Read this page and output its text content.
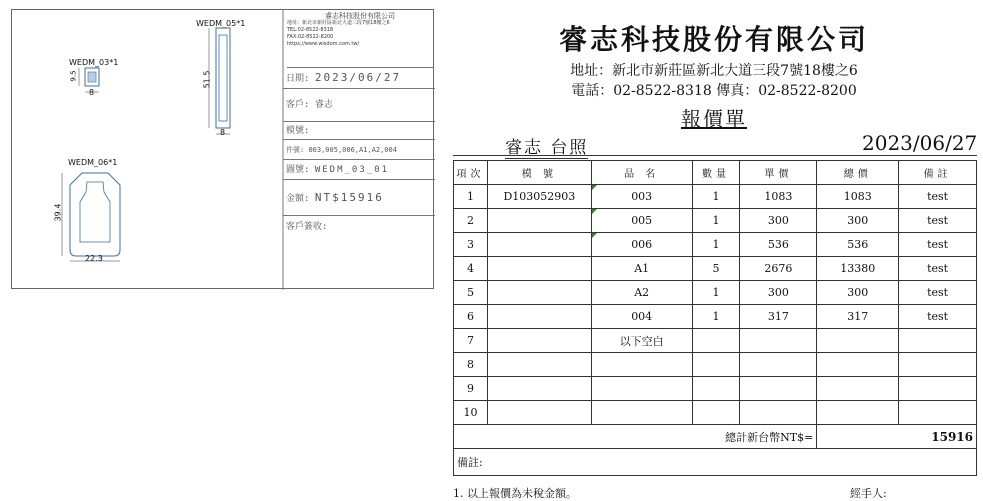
WEDM_05*1
51.5
8
WEDM_03*1
9.5
8
WEDM_06*1
39.4
22.3
睿志科技股份有限公司
地址：新北市新莊區新北大道三段7號18樓之6
TEL:02-8522-8318
FAX:02-8522-8200
https://www.wisdom.com.tw/
日期: 2023/06/27
客戶: 睿志
模號:
件號: 003,005,006,A1,A2,004
圖號: WEDM_03_01
金額: NT$15916
客戶簽收:
睿志科技股份有限公司
地址：新北市新莊區新北大道三段7號18樓之6
電話：02-8522-8318 傳真：02-8522-8200
報價單
睿志 台照	2023/06/27
項次	模 號	品 名	數量	單價	總價	備註
1	D103052903	003	1	1083	1083	test
2		005	1	300	300	test
3		006	1	536	536	test
4		A1	5	2676	13380	test
5		A2	1	300	300	test
6		004	1	317	317	test
7		以下空白				
8						
9						
10						
總計新台幣NT$=					15916	
備註:						
1. 以上報價為未稅金額。	經手人:
